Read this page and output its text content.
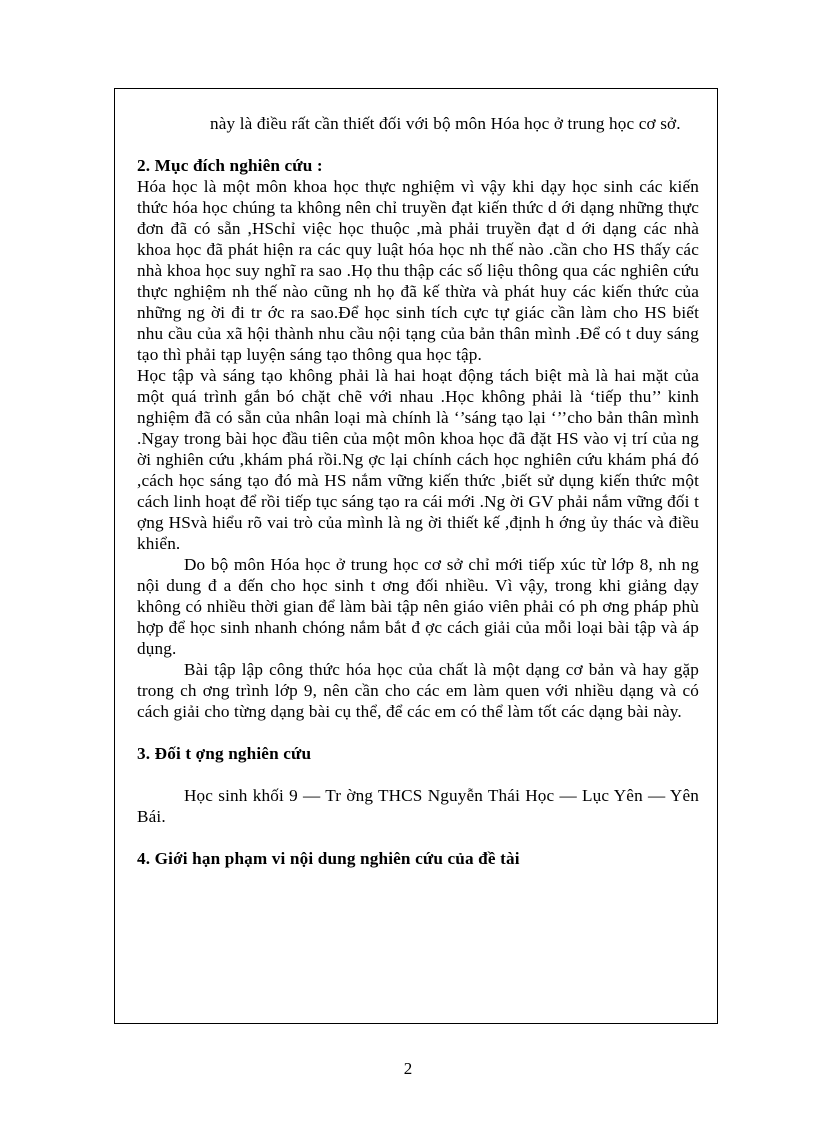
này là điều rất cần thiết đối với bộ môn Hóa học ở trung học cơ sở.

2. Mục đích nghiên cứu :

Hóa học là một môn khoa học thực nghiệm vì vậy khi dạy học sinh các kiến thức hóa học chúng ta không nên chỉ truyền đạt kiến thức d ới dạng những thực đơn đã có sẵn ,HSchỉ việc học thuộc ,mà phải truyền đạt d ới dạng các nhà khoa học đã phát hiện ra các quy luật hóa học nh thế nào .cần cho HS thấy các nhà khoa học suy nghĩ ra sao .Họ thu thập các số liệu thông qua các nghiên cứu thực nghiệm nh thế nào cũng nh họ đã kế thừa và phát huy các kiến thức của những ng ời đi tr ớc ra sao.Để học sinh tích cực tự giác cần làm cho HS biết nhu cầu của xã hội thành nhu cầu nội tạng của bản thân mình .Để có t duy sáng tạo thì phải tạp luyện sáng tạo thông qua học tập.

Học tập và sáng tạo không phải là hai hoạt động tách biệt mà là hai mặt của một quá trình gắn bó chặt chẽ với nhau .Học không phải là ‘tiếp thu’’ kinh nghiệm đã có sẵn của nhân loại mà chính là ‘’sáng tạo lại ‘’’cho bản thân mình .Ngay trong bài học đầu tiên của một môn khoa học đã đặt HS vào vị trí của ng ời nghiên cứu ,khám phá rồi.Ng ợc lại chính cách học nghiên cứu khám phá đó ,cách học sáng tạo đó mà HS nắm vững kiến thức ,biết sử dụng kiến thức một cách linh hoạt để rồi tiếp tục sáng tạo ra cái mới .Ng ời GV phải nắm vững đối t ợng HSvà hiểu rõ vai trò của mình là ng ời thiết kế ,định h ớng ủy thác và điều khiển.

Do bộ môn Hóa học ở trung học cơ sở chỉ mới tiếp xúc từ lớp 8, nh ng nội dung đ a đến cho học sinh t ơng đối nhiều. Vì vậy, trong khi giảng dạy không có nhiều thời gian để làm bài tập nên giáo viên phải có ph ơng pháp phù hợp để học sinh nhanh chóng nắm bắt đ ợc cách giải của mỗi loại bài tập và áp dụng.

Bài tập lập công thức hóa học của chất là một dạng cơ bản và hay gặp trong ch ơng trình lớp 9, nên cần cho các em làm quen với nhiều dạng và có cách giải cho từng dạng bài cụ thể, để các em có thể làm tốt các dạng bài này.

3. Đối t ợng nghiên cứu

Học sinh khối 9 — Tr ờng THCS Nguyễn Thái Học — Lục Yên — Yên Bái.

4. Giới hạn phạm vi nội dung nghiên cứu của đề tài
2
